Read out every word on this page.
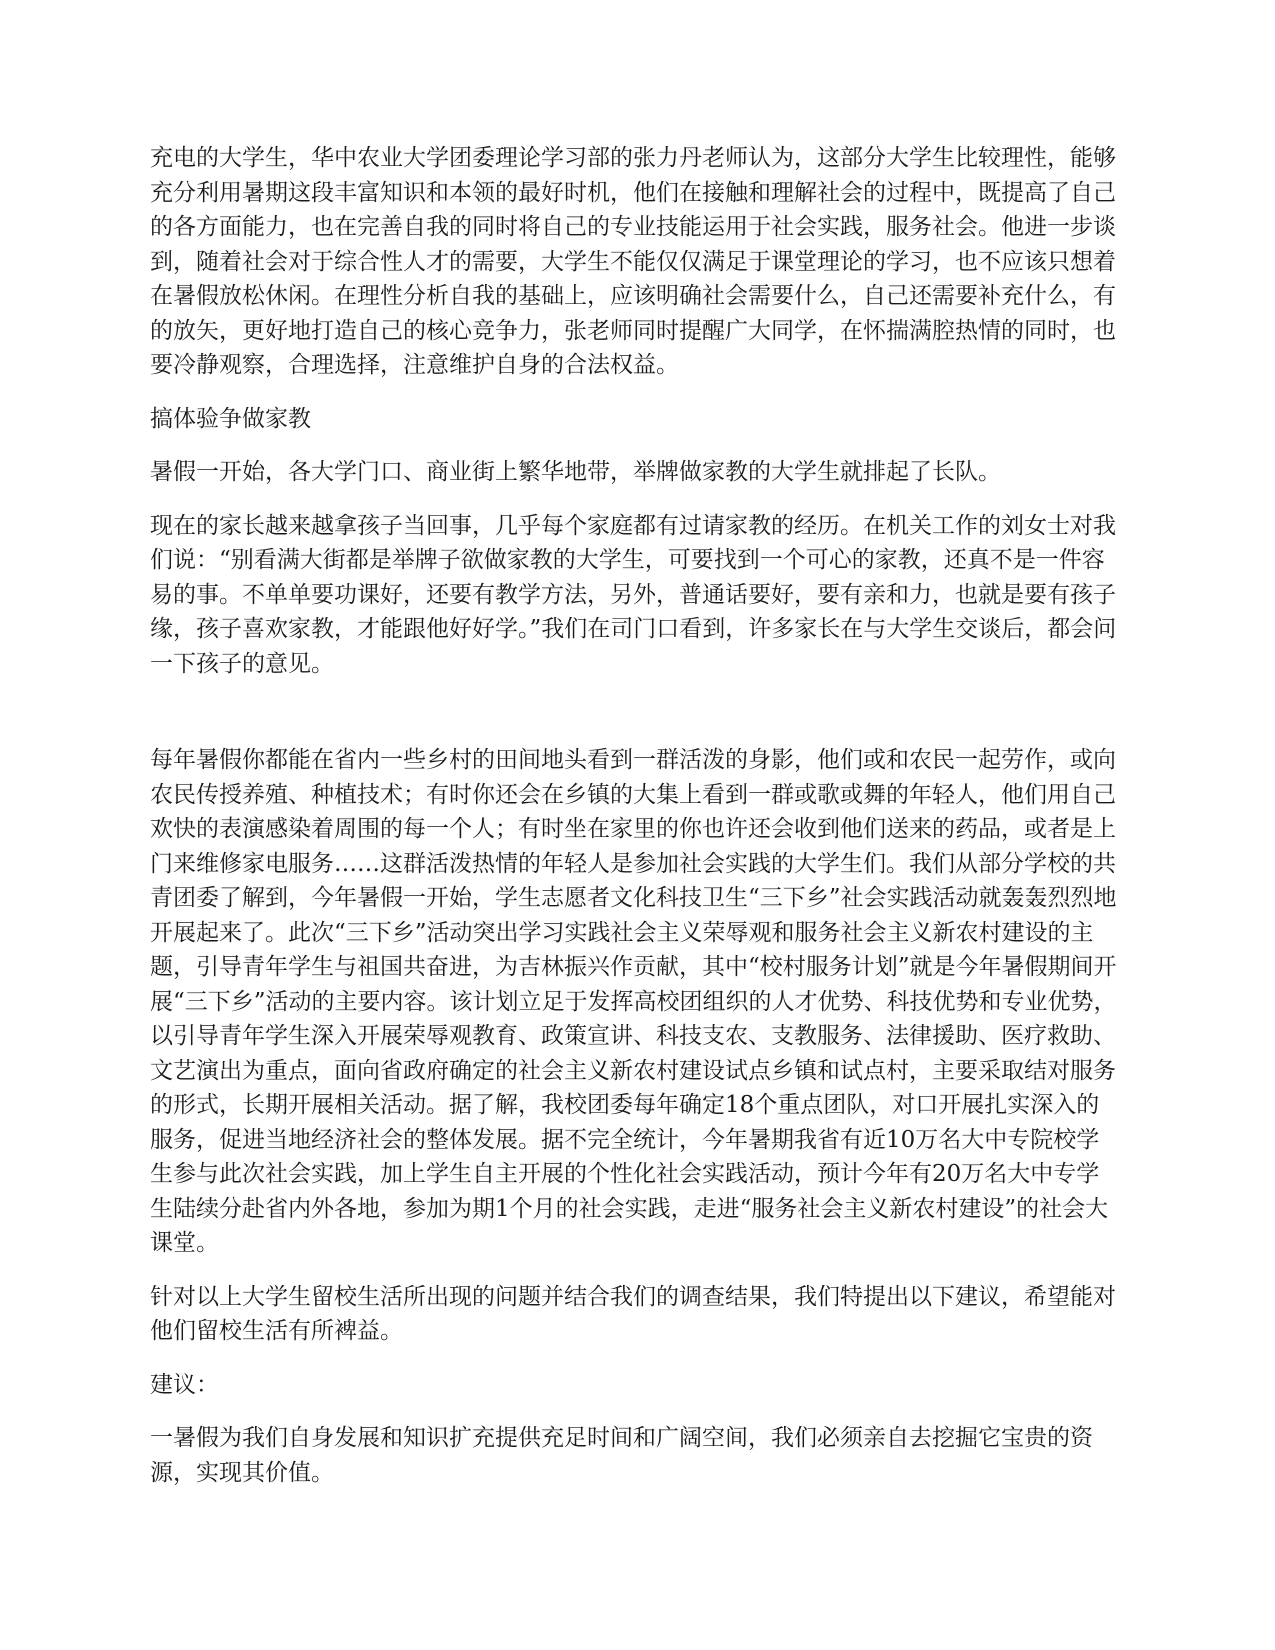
充电的大学生，华中农业大学团委理论学习部的张力丹老师认为，这部分大学生比较理性，能够充分利用暑期这段丰富知识和本领的最好时机，他们在接触和理解社会的过程中，既提高了自己的各方面能力，也在完善自我的同时将自己的专业技能运用于社会实践，服务社会。他进一步谈到，随着社会对于综合性人才的需要，大学生不能仅仅满足于课堂理论的学习，也不应该只想着在暑假放松休闲。在理性分析自我的基础上，应该明确社会需要什么，自己还需要补充什么，有的放矢，更好地打造自己的核心竞争力，张老师同时提醒广大同学，在怀揣满腔热情的同时，也要冷静观察，合理选择，注意维护自身的合法权益。

搞体验争做家教

暑假一开始，各大学门口、商业街上繁华地带，举牌做家教的大学生就排起了长队。

现在的家长越来越拿孩子当回事，几乎每个家庭都有过请家教的经历。在机关工作的刘女士对我们说：“别看满大街都是举牌子欲做家教的大学生，可要找到一个可心的家教，还真不是一件容易的事。不单单要功课好，还要有教学方法，另外，普通话要好，要有亲和力，也就是要有孩子缘，孩子喜欢家教，才能跟他好好学。”我们在司门口看到，许多家长在与大学生交谈后，都会问一下孩子的意见。

每年暑假你都能在省内一些乡村的田间地头看到一群活泼的身影，他们或和农民一起劳作，或向农民传授养殖、种植技术；有时你还会在乡镇的大集上看到一群或歌或舞的年轻人，他们用自己欢快的表演感染着周围的每一个人；有时坐在家里的你也许还会收到他们送来的药品，或者是上门来维修家电服务……这群活泼热情的年轻人是参加社会实践的大学生们。我们从部分学校的共青团委了解到，今年暑假一开始，学生志愿者文化科技卫生“三下乡”社会实践活动就轰轰烈烈地开展起来了。此次“三下乡”活动突出学习实践社会主义荣辱观和服务社会主义新农村建设的主题，引导青年学生与祖国共奋进，为吉林振兴作贡献，其中“校村服务计划”就是今年暑假期间开展“三下乡”活动的主要内容。该计划立足于发挥高校团组织的人才优势、科技优势和专业优势，以引导青年学生深入开展荣辱观教育、政策宣讲、科技支农、支教服务、法律援助、医疗救助、文艺演出为重点，面向省政府确定的社会主义新农村建设试点乡镇和试点村，主要采取结对服务的形式，长期开展相关活动。据了解，我校团委每年确定18个重点团队，对口开展扎实深入的服务，促进当地经济社会的整体发展。据不完全统计，今年暑期我省有近10万名大中专院校学生参与此次社会实践，加上学生自主开展的个性化社会实践活动，预计今年有20万名大中专学生陆续分赴省内外各地，参加为期1个月的社会实践，走进“服务社会主义新农村建设”的社会大课堂。

针对以上大学生留校生活所出现的问题并结合我们的调查结果，我们特提出以下建议，希望能对他们留校生活有所裨益。

建议：

一暑假为我们自身发展和知识扩充提供充足时间和广阔空间，我们必须亲自去挖掘它宝贵的资源，实现其价值。
